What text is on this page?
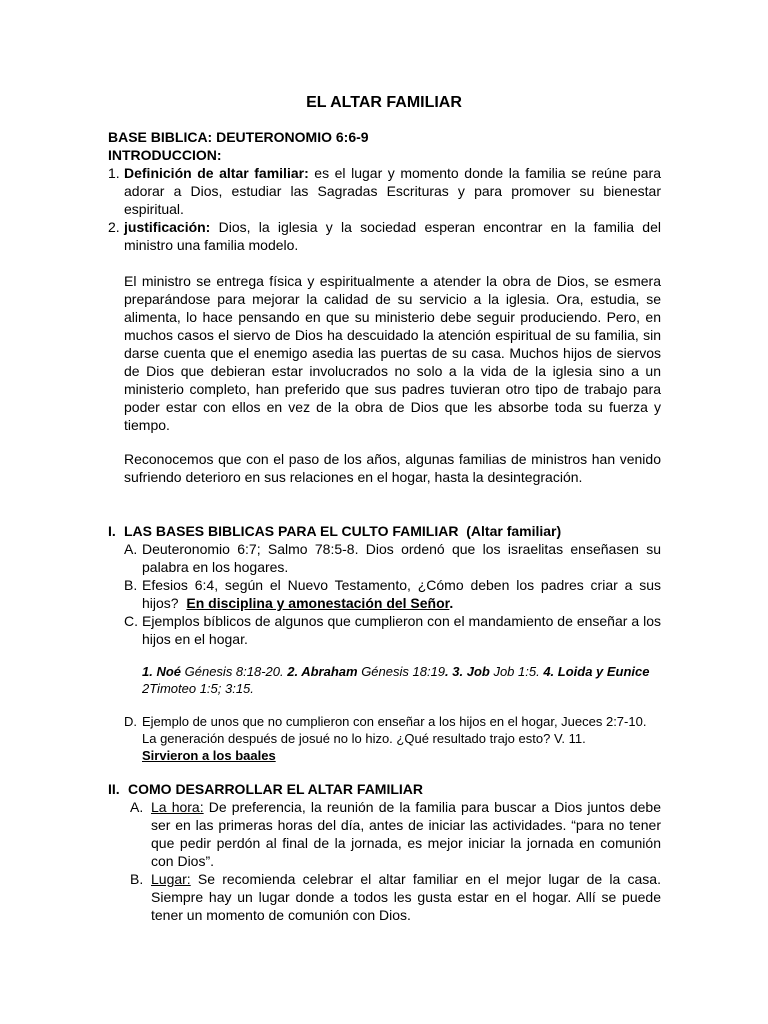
EL ALTAR FAMILIAR
BASE BIBLICA: DEUTERONOMIO 6:6-9
INTRODUCCION:
1. Definición de altar familiar: es el lugar y momento donde la familia se reúne para adorar a Dios, estudiar las Sagradas Escrituras y para promover su bienestar espiritual.
2. justificación: Dios, la iglesia y la sociedad esperan encontrar en la familia del ministro una familia modelo.
El ministro se entrega física y espiritualmente a atender la obra de Dios, se esmera preparándose para mejorar la calidad de su servicio a la iglesia. Ora, estudia, se alimenta, lo hace pensando en que su ministerio debe seguir produciendo. Pero, en muchos casos el siervo de Dios ha descuidado la atención espiritual de su familia, sin darse cuenta que el enemigo asedia las puertas de su casa. Muchos hijos de siervos de Dios que debieran estar involucrados no solo a la vida de la iglesia sino a un ministerio completo, han preferido que sus padres tuvieran otro tipo de trabajo para poder estar con ellos en vez de la obra de Dios que les absorbe toda su fuerza y tiempo.
Reconocemos que con el paso de los años, algunas familias de ministros han venido sufriendo deterioro en sus relaciones en el hogar, hasta la desintegración.
I. LAS BASES BIBLICAS PARA EL CULTO FAMILIAR (Altar familiar)
A. Deuteronomio 6:7; Salmo 78:5-8. Dios ordenó que los israelitas enseñasen su palabra en los hogares.
B. Efesios 6:4, según el Nuevo Testamento, ¿Cómo deben los padres criar a sus hijos? En disciplina y amonestación del Señor.
C. Ejemplos bíblicos de algunos que cumplieron con el mandamiento de enseñar a los hijos en el hogar.
1. Noé Génesis 8:18-20. 2. Abraham Génesis 18:19. 3. Job Job 1:5. 4. Loida y Eunice 2Timoteo 1:5; 3:15.
D. Ejemplo de unos que no cumplieron con enseñar a los hijos en el hogar, Jueces 2:7-10. La generación después de josué no lo hizo. ¿Qué resultado trajo esto? V. 11.
Sirvieron a los baales
II. COMO DESARROLLAR EL ALTAR FAMILIAR
A. La hora: De preferencia, la reunión de la familia para buscar a Dios juntos debe ser en las primeras horas del día, antes de iniciar las actividades. “para no tener que pedir perdón al final de la jornada, es mejor iniciar la jornada en comunión con Dios”.
B. Lugar: Se recomienda celebrar el altar familiar en el mejor lugar de la casa. Siempre hay un lugar donde a todos les gusta estar en el hogar. Allí se puede tener un momento de comunión con Dios.
